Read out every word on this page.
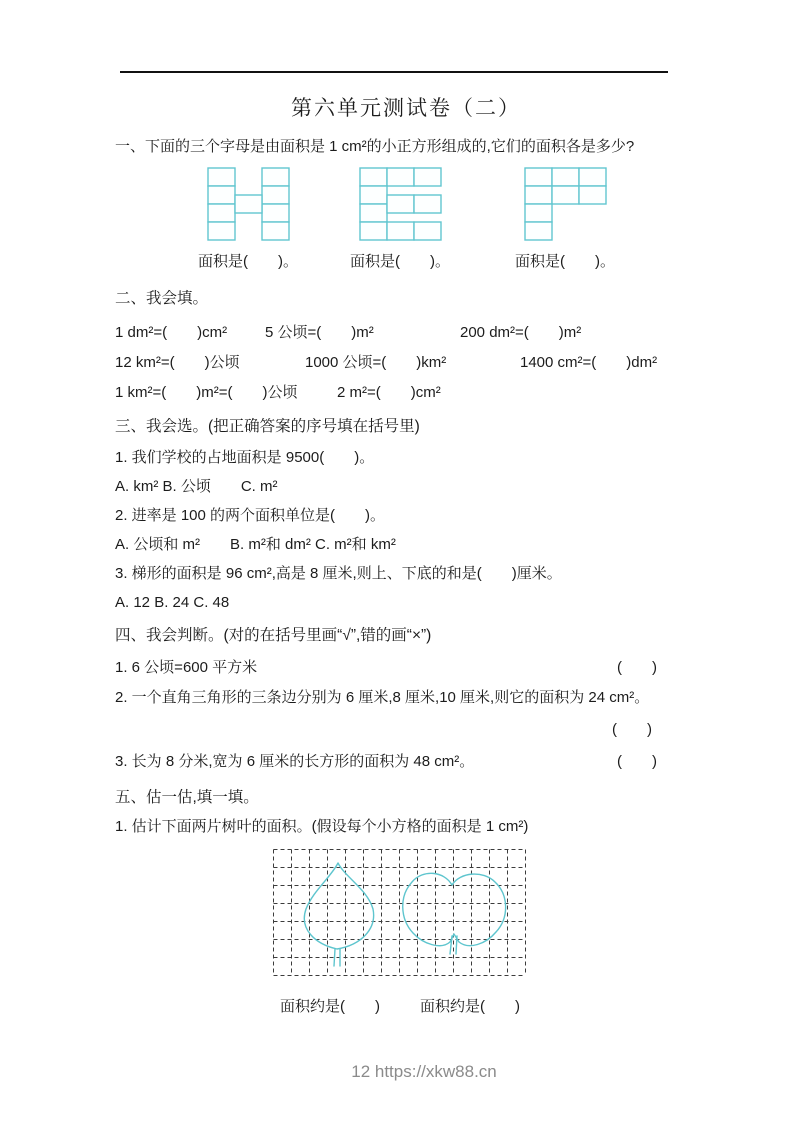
第六单元测试卷（二）
一、下面的三个字母是由面积是 1 cm²的小正方形组成的,它们的面积各是多少?
面积是(　　)。	面积是(　　)。	面积是(　　)。
二、我会填。
1 dm²=(　　)cm²	5 公顷=(　　)m²	200 dm²=(　　)m²
12 km²=(　　)公顷	1000 公顷=(　　)km²	1400 cm²=(　　)dm²
1 km²=(　　)m²=(　　)公顷	2 m²=(　　)cm²
三、我会选。(把正确答案的序号填在括号里)
1. 我们学校的占地面积是 9500(　　)。
A. km² B. 公顷　　C. m²
2. 进率是 100 的两个面积单位是(　　)。
A. 公顷和 m²　　B. m²和 dm² C. m²和 km²
3. 梯形的面积是 96 cm²,高是 8 厘米,则上、下底的和是(　　)厘米。
A. 12 B. 24 C. 48
四、我会判断。(对的在括号里画“√”,错的画“×”)
1. 6 公顷=600 平方米	(　　)
2. 一个直角三角形的三条边分别为 6 厘米,8 厘米,10 厘米,则它的面积为 24 cm²。
(　　)
3. 长为 8 分米,宽为 6 厘米的长方形的面积为 48 cm²。	(　　)
五、估一估,填一填。
1. 估计下面两片树叶的面积。(假设每个小方格的面积是 1 cm²)
面积约是(　　)	面积约是(　　)
12 https://xkw88.cn
